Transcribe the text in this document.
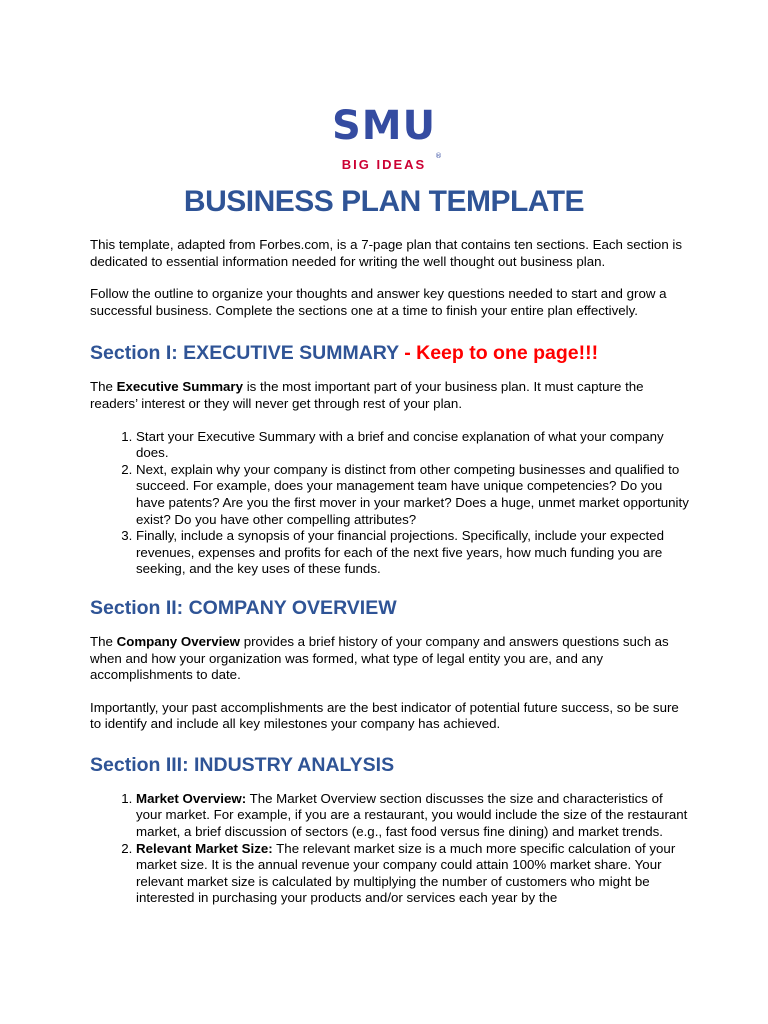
SMU
®
BIG IDEAS
BUSINESS PLAN TEMPLATE

This template, adapted from Forbes.com, is a 7-page plan that contains ten sections. Each section is dedicated to essential information needed for writing the well thought out business plan.

Follow the outline to organize your thoughts and answer key questions needed to start and grow a successful business. Complete the sections one at a time to finish your entire plan effectively.

Section I: EXECUTIVE SUMMARY - Keep to one page!!!

The Executive Summary is the most important part of your business plan. It must capture the readers’ interest or they will never get through rest of your plan.

1. Start your Executive Summary with a brief and concise explanation of what your company does.
2. Next, explain why your company is distinct from other competing businesses and qualified to succeed. For example, does your management team have unique competencies? Do you have patents? Are you the first mover in your market? Does a huge, unmet market opportunity exist? Do you have other compelling attributes?
3. Finally, include a synopsis of your financial projections. Specifically, include your expected revenues, expenses and profits for each of the next five years, how much funding you are seeking, and the key uses of these funds.
Section II: COMPANY OVERVIEW

The Company Overview provides a brief history of your company and answers questions such as when and how your organization was formed, what type of legal entity you are, and any accomplishments to date.

Importantly, your past accomplishments are the best indicator of potential future success, so be sure to identify and include all key milestones your company has achieved.

Section III: INDUSTRY ANALYSIS
1. Market Overview: The Market Overview section discusses the size and characteristics of your market. For example, if you are a restaurant, you would include the size of the restaurant market, a brief discussion of sectors (e.g., fast food versus fine dining) and market trends.
2. Relevant Market Size: The relevant market size is a much more specific calculation of your market size. It is the annual revenue your company could attain 100% market share. Your relevant market size is calculated by multiplying the number of customers who might be interested in purchasing your products and/or services each year by the
